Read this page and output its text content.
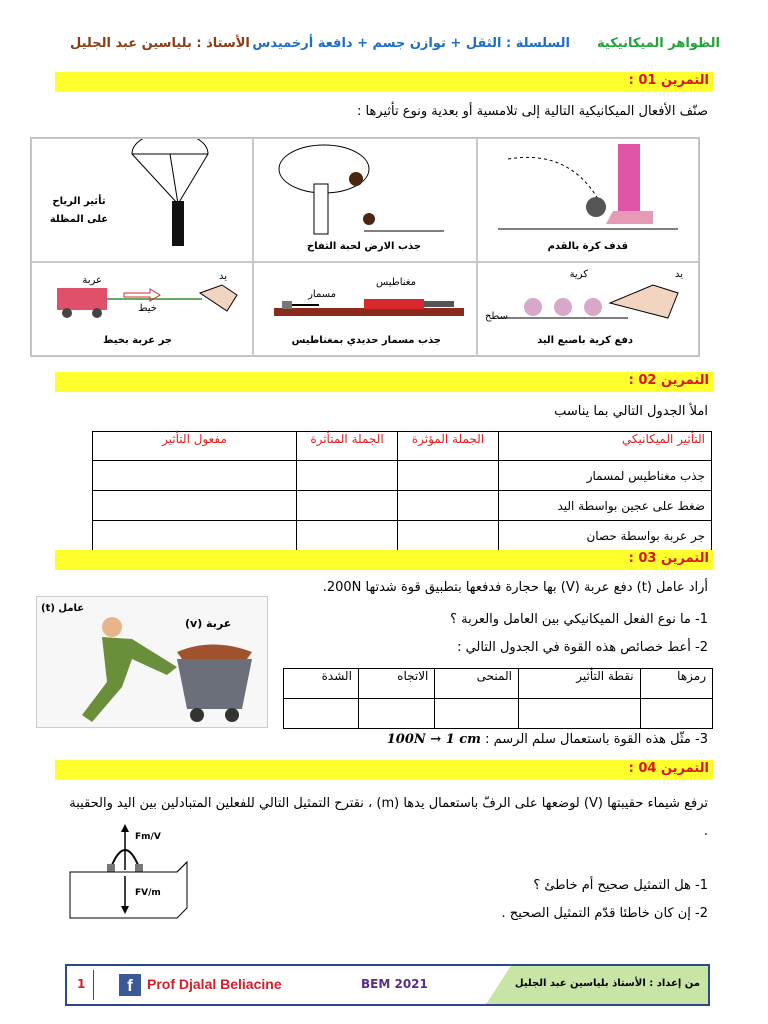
الظواهر الميكانيكية
السلسلة : الثقل + توازن جسم + دافعة أرخميدس
الأستاذ : بلياسين عبد الجليل
التمرين 01 :
صنّف الأفعال الميكانيكية التالية إلى تلامسية أو بعدية ونوع تأثيرها :
قذف كرة بالقدم
جذب الارض لحبة التفاح
تأثير الرياح على المظلة
كرية	يد
سطح
دفع كرية باصبع اليد
مسمار
مغناطيس
جذب مسمار حديدي بمغناطيس
عربة
خيط
يد
جر عربة بخيط
التمرين 02 :
املأ الجدول التالي بما يناسب
التأثير الميكانيكي	الجملة المؤثرة	الجملة المتأثرة	مفعول التأثير
جذب مغناطيس لمسمار			
ضغط على عجين بواسطة اليد			
جر عربة بواسطة حصان			
التمرين 03 :
عامل (t)
عربة (v)
أراد عامل (t) دفع عربة (V) بها حجارة فدفعها بتطبيق قوة شدتها 200N.
1- ما نوع الفعل الميكانيكي بين العامل والعربة ؟
2- أعط خصائص هذه القوة في الجدول التالي :
رمزها	نقطة التأثير	المنحى	الاتجاه	الشدة

3- مثّل هذه القوة باستعمال سلم الرسم : 100N → 1 cm
التمرين 04 :
ترفع شيماء حقيبتها (V) لوضعها على الرفّ باستعمال يدها (m) ، نقترح التمثيل التالي للفعلين المتبادلين بين اليد والحقيبة .
Fm/V
FV/m	1- هل التمثيل صحيح أم خاطئ ؟
2- إن كان خاطئا قدّم التمثيل الصحيح .
من إعداد : الأستاذ بلياسين عبد الجليل
1	f	Prof Djalal Beliacine	BEM 2021
